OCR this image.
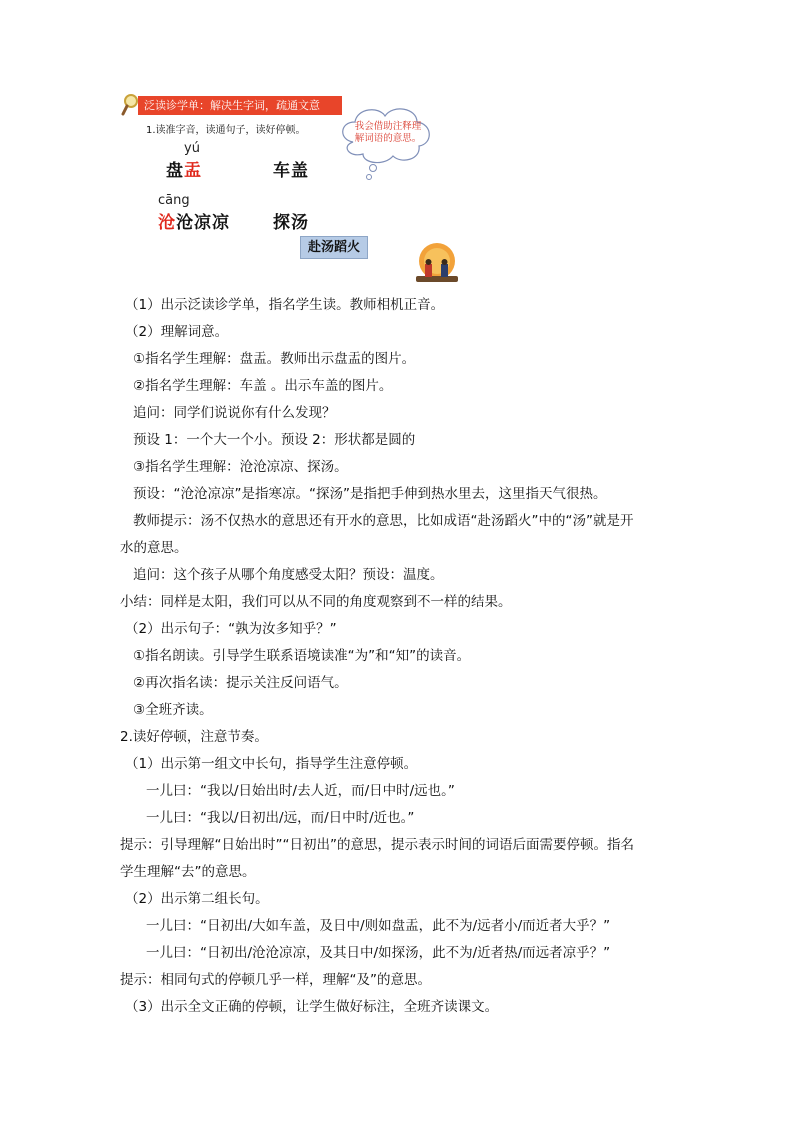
泛读诊学单：解决生字词，疏通文意
1.读准字音，读通句子，读好停顿。	我会借助注释理解词语的意思。
yú
盘盂	车盖
cāng
沧沧凉凉	探汤
赴汤蹈火
（1）出示泛读诊学单，指名学生读。教师相机正音。
（2）理解词意。
①指名学生理解：盘盂。教师出示盘盂的图片。
②指名学生理解：车盖 。出示车盖的图片。
追问：同学们说说你有什么发现？
预设 1：一个大一个小。预设 2：形状都是圆的
③指名学生理解：沧沧凉凉、探汤。
预设：“沧沧凉凉”是指寒凉。“探汤”是指把手伸到热水里去，这里指天气很热。
教师提示：汤不仅热水的意思还有开水的意思，比如成语“赴汤蹈火”中的“汤”就是开
水的意思。
追问：这个孩子从哪个角度感受太阳？预设：温度。
小结：同样是太阳，我们可以从不同的角度观察到不一样的结果。
（2）出示句子：“孰为汝多知乎？”
①指名朗读。引导学生联系语境读准“为”和“知”的读音。
②再次指名读：提示关注反问语气。
③全班齐读。
2.读好停顿，注意节奏。
（1）出示第一组文中长句，指导学生注意停顿。
一儿曰：“我以/日始出时/去人近，而/日中时/远也。”
一儿曰：“我以/日初出/远，而/日中时/近也。”
提示：引导理解“日始出时”“日初出”的意思，提示表示时间的词语后面需要停顿。指名
学生理解“去”的意思。
（2）出示第二组长句。
一儿曰：“日初出/大如车盖，及日中/则如盘盂，此不为/远者小/而近者大乎？”
一儿曰：“日初出/沧沧凉凉，及其日中/如探汤，此不为/近者热/而远者凉乎？”
提示：相同句式的停顿几乎一样，理解“及”的意思。
（3）出示全文正确的停顿，让学生做好标注，全班齐读课文。
